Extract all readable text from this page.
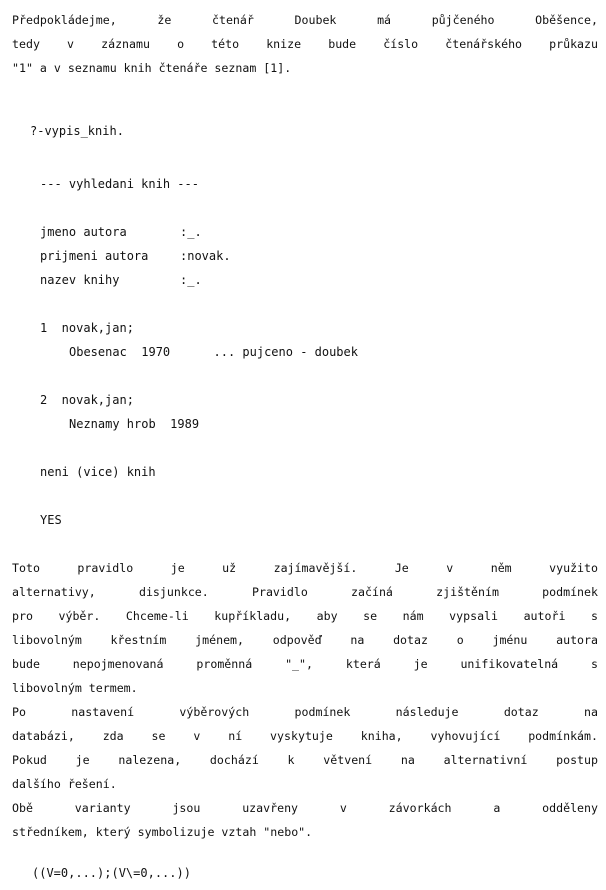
Předpokládejme, že čtenář Doubek má půjčeného Oběšence,
tedy v záznamu o této knize bude číslo čtenářského průkazu
"1" a v seznamu knih čtenáře seznam [1].
?-vypis_knih.
--- vyhledani knih ---
jmeno autora	:_.
prijmeni autora	:novak.
nazev knihy	:_.
1  novak,jan;
Obesenac  1970      ... pujceno - doubek
2  novak,jan;
Neznamy hrob  1989
neni (vice) knih
YES
Toto pravidlo je už zajímavější. Je v něm využito
alternativy, disjunkce. Pravidlo začíná zjištěním podmínek
pro výběr. Chceme-li kupříkladu, aby se nám vypsali autoři s
libovolným křestním jménem, odpověď na dotaz o jménu autora
bude nepojmenovaná proměnná "_", která je unifikovatelná s
libovolným termem.
Po nastavení výběrových podmínek následuje dotaz na
databázi, zda se v ní vyskytuje kniha, vyhovující podmínkám.
Pokud je nalezena, dochází k větvení na alternativní postup
dalšího řešení.
Obě varianty jsou uzavřeny v závorkách a odděleny
středníkem, který symbolizuje vztah "nebo".
((V=0,...);(V\=0,...))
